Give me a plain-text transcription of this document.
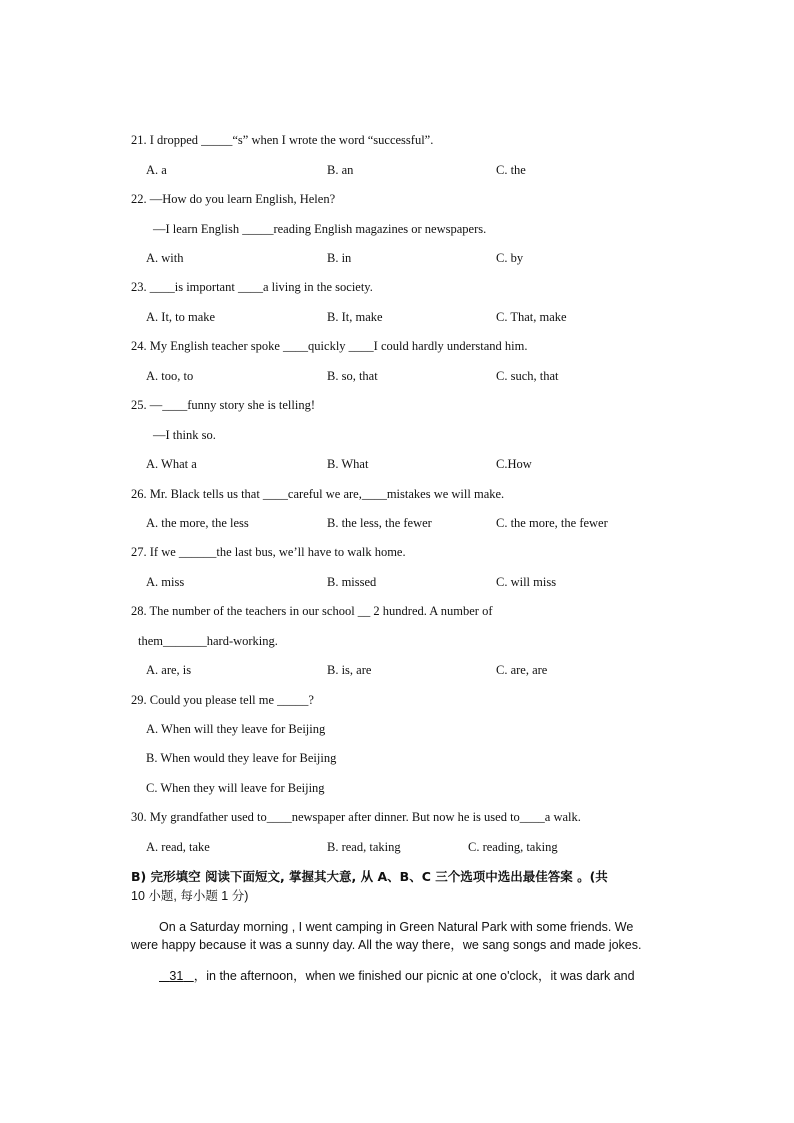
21. I dropped _____“s” when I wrote the word “successful”.
A. a	B. an	C. the
22. —How do you learn English, Helen?
—I learn English _____reading English magazines or newspapers.
A. with	B. in	C. by
23. ____is important ____a living in the society.
A. It, to make	B. It, make	C. That, make
24. My English teacher spoke ____quickly ____I could hardly understand him.
A. too, to	B. so, that	C. such, that
25. —____funny story she is telling!
—I think so.
A. What a	B. What	C.How
26. Mr. Black tells us that ____careful we are,____mistakes we will make.
A. the more, the less	B. the less, the fewer	C. the more, the fewer
27. If we ______the last bus, we’ll have to walk home.
A. miss	B. missed	C. will miss
28. The number of the teachers in our school __ 2 hundred. A number of
them_______hard-working.
A. are, is	B. is, are	C. are, are
29. Could you please tell me _____?
A. When will they leave for Beijing
B. When would they leave for Beijing
C. When they will leave for Beijing
30. My grandfather used to____newspaper after dinner. But now he is used to____a walk.
A. read, take	B. read, taking	C. reading, taking
B) 完形填空 阅读下面短文, 掌握其大意, 从 A、B、C 三个选项中选出最佳答案 。(共
10 小题, 每小题 1 分)
On a Saturday morning , I went camping in Green Natural Park with some friends. We
were happy because it was a sunny day. All the way there，we sang songs and made jokes.
31 ，in the afternoon，when we finished our picnic at one o'clock，it was dark and
